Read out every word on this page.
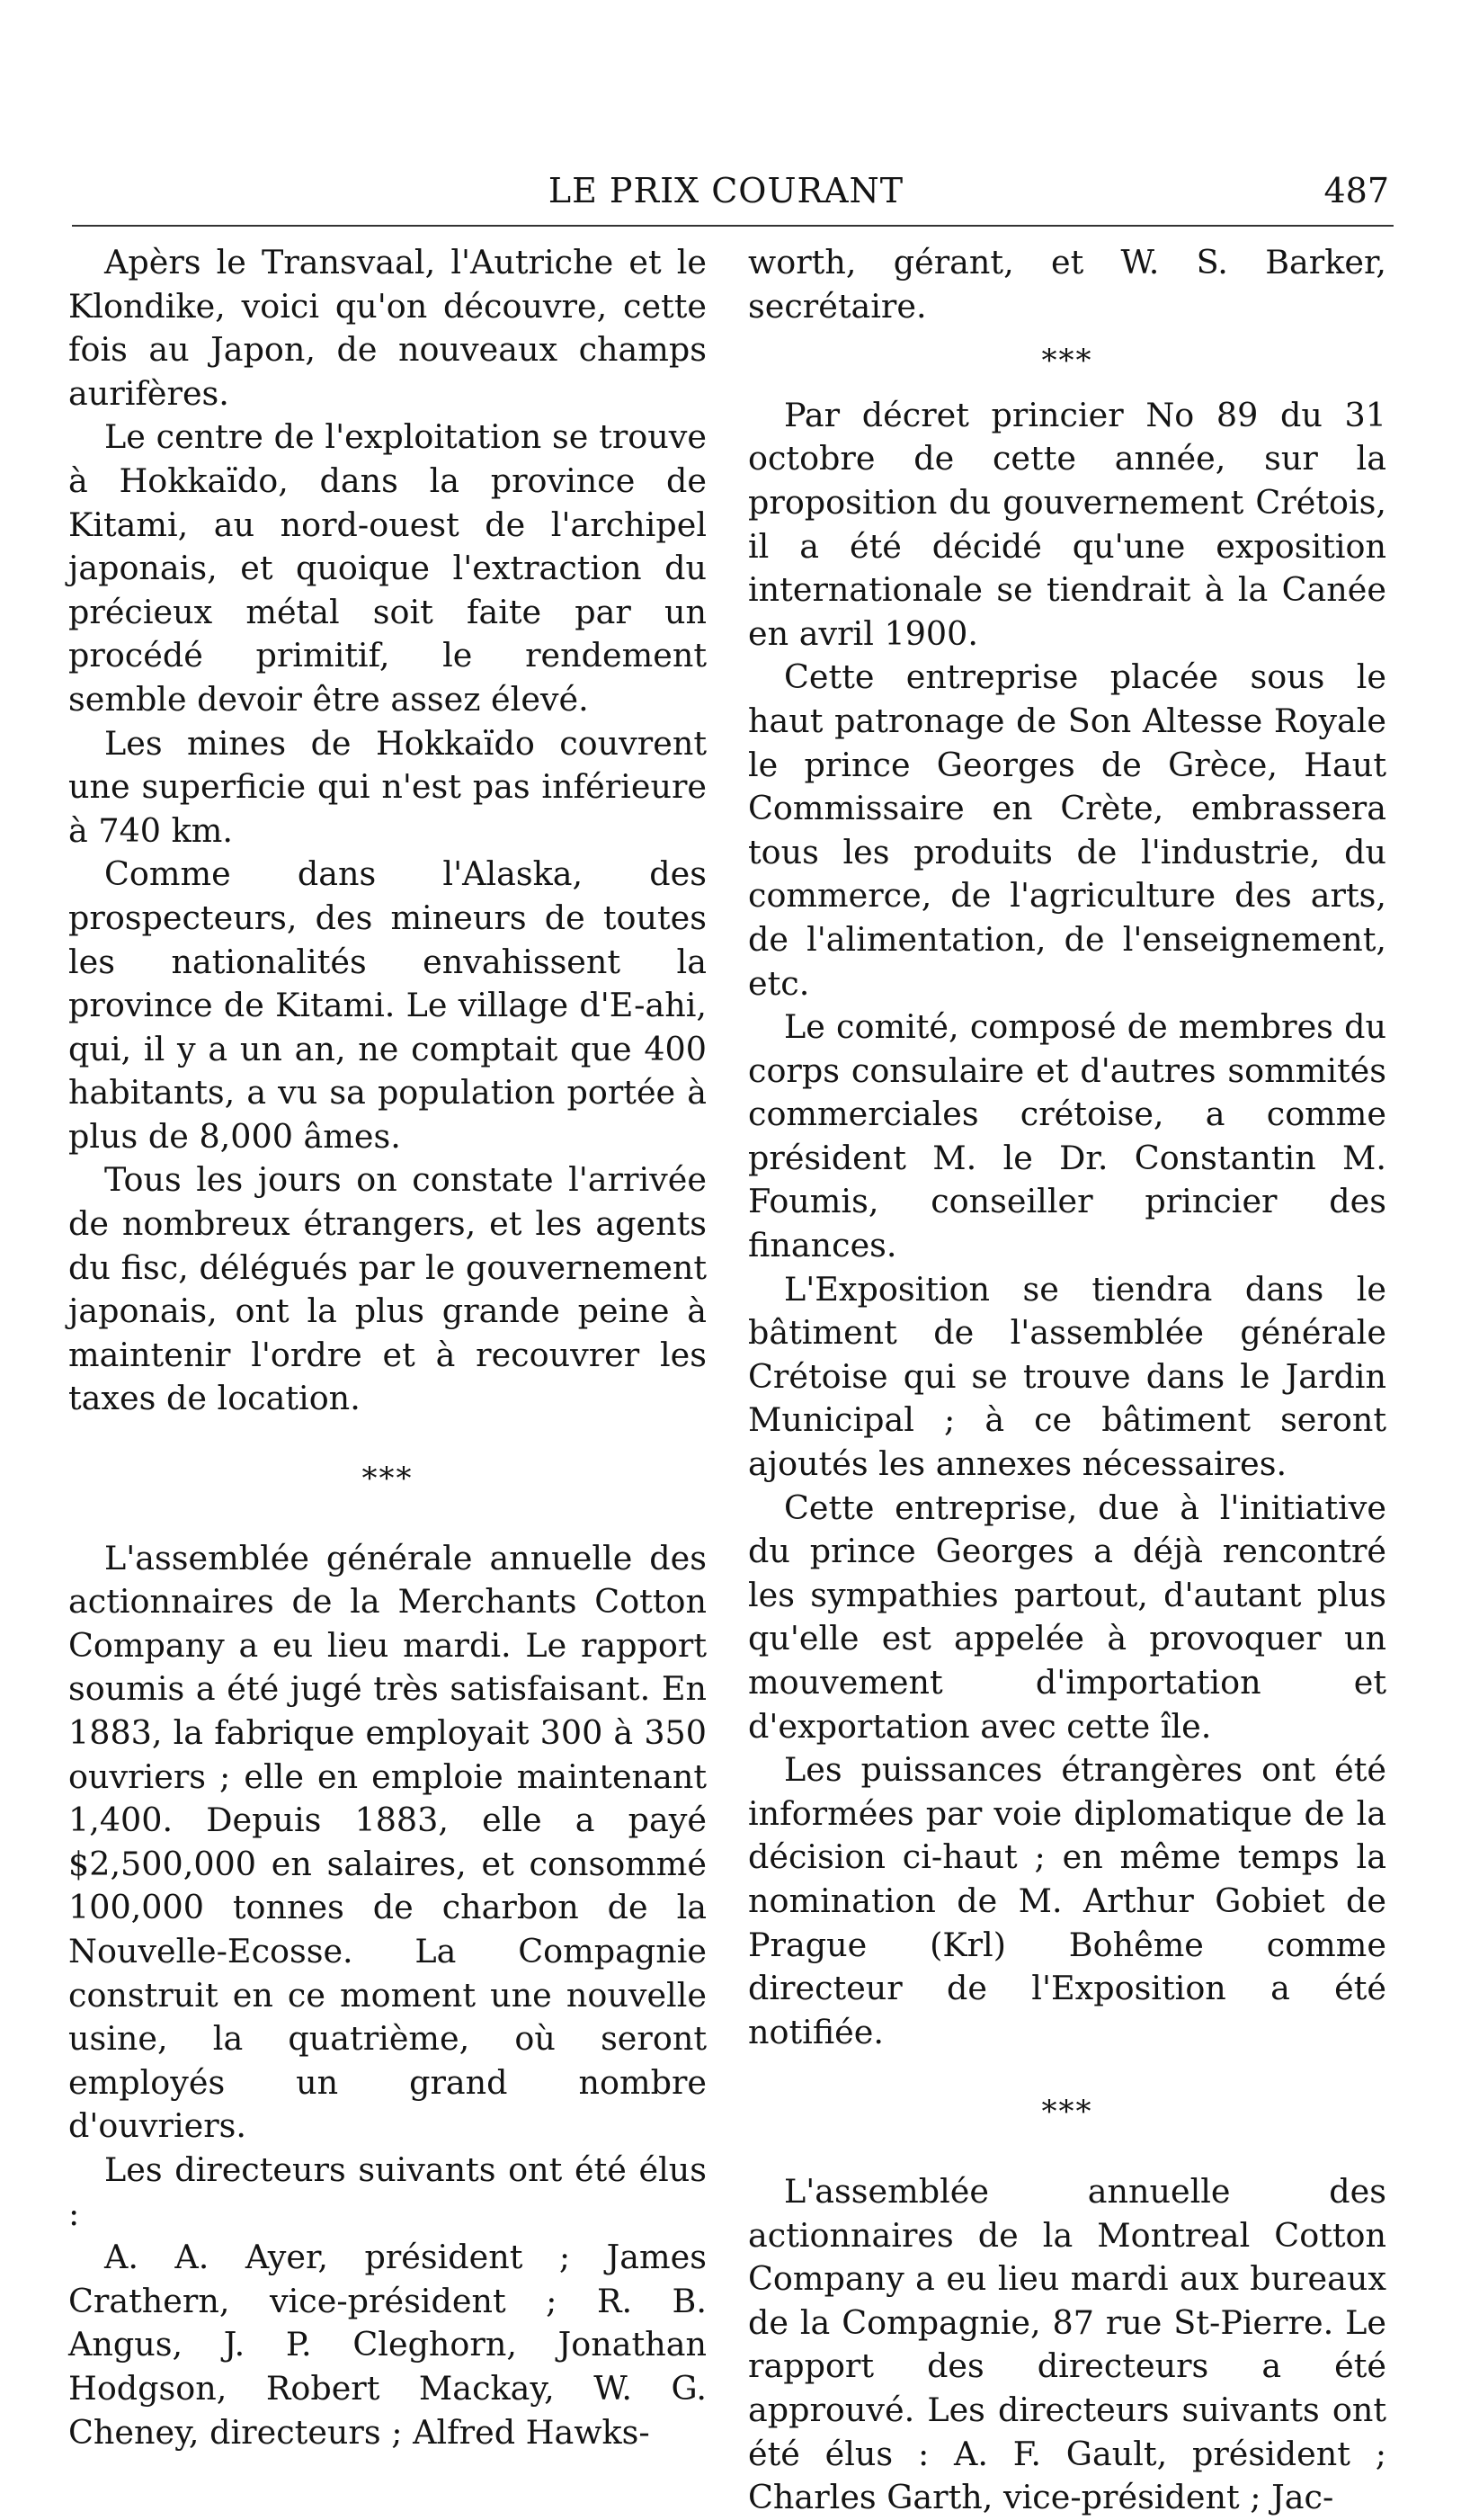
LE PRIX COURANT	487

Apèrs le Transvaal, l'Autriche et le Klondike, voici qu'on découvre, cette fois au Japon, de nouveaux champs aurifères.

Le centre de l'exploitation se trouve à Hokkaïdo, dans la province de Kitami, au nord-ouest de l'archipel japonais, et quoique l'extraction du précieux métal soit faite par un procédé primitif, le rendement semble devoir être assez élevé.

Les mines de Hokkaïdo couvrent une superficie qui n'est pas inférieure à 740 km.

Comme dans l'Alaska, des prospecteurs, des mineurs de toutes les nationalités envahissent la province de Kitami. Le village d'E-ahi, qui, il y a un an, ne comptait que 400 habitants, a vu sa population portée à plus de 8,000 âmes.

Tous les jours on constate l'arrivée de nombreux étrangers, et les agents du fisc, délégués par le gouvernement japonais, ont la plus grande peine à maintenir l'ordre et à recouvrer les taxes de location.

***

L'assemblée générale annuelle des actionnaires de la Merchants Cotton Company a eu lieu mardi. Le rapport soumis a été jugé très satisfaisant. En 1883, la fabrique employait 300 à 350 ouvriers ; elle en emploie maintenant 1,400. Depuis 1883, elle a payé $2,500,000 en salaires, et consommé 100,000 tonnes de charbon de la Nouvelle-Ecosse. La Compagnie construit en ce moment une nouvelle usine, la quatrième, où seront employés un grand nombre d'ouvriers.

Les directeurs suivants ont été élus :

A. A. Ayer, président ; James Crathern, vice-président ; R. B. Angus, J. P. Cleghorn, Jonathan Hodgson, Robert Mackay, W. G. Cheney, directeurs ; Alfred Hawks-

worth, gérant, et W. S. Barker, secrétaire.

***

Par décret princier No 89 du 31 octobre de cette année, sur la proposition du gouvernement Crétois, il a été décidé qu'une exposition internationale se tiendrait à la Canée en avril 1900.

Cette entreprise placée sous le haut patronage de Son Altesse Royale le prince Georges de Grèce, Haut Commissaire en Crète, embrassera tous les produits de l'industrie, du commerce, de l'agriculture des arts, de l'alimentation, de l'enseignement, etc.

Le comité, composé de membres du corps consulaire et d'autres sommités commerciales crétoise, a comme président M. le Dr. Constantin M. Foumis, conseiller princier des finances.

L'Exposition se tiendra dans le bâtiment de l'assemblée générale Crétoise qui se trouve dans le Jardin Municipal ; à ce bâtiment seront ajoutés les annexes nécessaires.

Cette entreprise, due à l'initiative du prince Georges a déjà rencontré les sympathies partout, d'autant plus qu'elle est appelée à provoquer un mouvement d'importation et d'exportation avec cette île.

Les puissances étrangères ont été informées par voie diplomatique de la décision ci-haut ; en même temps la nomination de M. Arthur Gobiet de Prague (Krl) Bohême comme directeur de l'Exposition a été notifiée.

***

L'assemblée annuelle des actionnaires de la Montreal Cotton Company a eu lieu mardi aux bureaux de la Compagnie, 87 rue St-Pierre. Le rapport des directeurs a été approuvé. Les directeurs suivants ont été élus : A. F. Gault, président ; Charles Garth, vice-président ; Jac-
